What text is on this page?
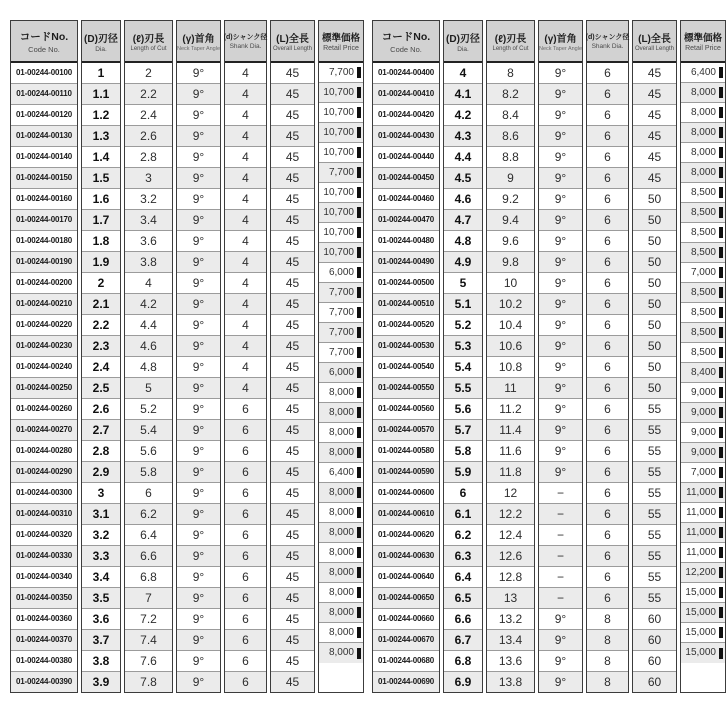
コードNo.
Code No.
01-00244-00100
01-00244-00110
01-00244-00120
01-00244-00130
01-00244-00140
01-00244-00150
01-00244-00160
01-00244-00170
01-00244-00180
01-00244-00190
01-00244-00200
01-00244-00210
01-00244-00220
01-00244-00230
01-00244-00240
01-00244-00250
01-00244-00260
01-00244-00270
01-00244-00280
01-00244-00290
01-00244-00300
01-00244-00310
01-00244-00320
01-00244-00330
01-00244-00340
01-00244-00350
01-00244-00360
01-00244-00370
01-00244-00380
01-00244-00390
(D)刃径
Dia.
1
1.1
1.2
1.3
1.4
1.5
1.6
1.7
1.8
1.9
2
2.1
2.2
2.3
2.4
2.5
2.6
2.7
2.8
2.9
3
3.1
3.2
3.3
3.4
3.5
3.6
3.7
3.8
3.9
(ℓ)刃長
Length of Cut
2
2.2
2.4
2.6
2.8
3
3.2
3.4
3.6
3.8
4
4.2
4.4
4.6
4.8
5
5.2
5.4
5.6
5.8
6
6.2
6.4
6.6
6.8
7
7.2
7.4
7.6
7.8
(γ)首角
Neck Taper Angle
9°
9°
9°
9°
9°
9°
9°
9°
9°
9°
9°
9°
9°
9°
9°
9°
9°
9°
9°
9°
9°
9°
9°
9°
9°
9°
9°
9°
9°
9°
(d)シャンク径
Shank Dia.
4
4
4
4
4
4
4
4
4
4
4
4
4
4
4
4
6
6
6
6
6
6
6
6
6
6
6
6
6
6
(L)全長
Overall Length
45
45
45
45
45
45
45
45
45
45
45
45
45
45
45
45
45
45
45
45
45
45
45
45
45
45
45
45
45
45
標準価格
Retail Price
7,700
10,700
10,700
10,700
10,700
7,700
10,700
10,700
10,700
10,700
6,000
7,700
7,700
7,700
7,700
6,000
8,000
8,000
8,000
8,000
6,400
8,000
8,000
8,000
8,000
8,000
8,000
8,000
8,000
8,000
コードNo.
Code No.
01-00244-00400
01-00244-00410
01-00244-00420
01-00244-00430
01-00244-00440
01-00244-00450
01-00244-00460
01-00244-00470
01-00244-00480
01-00244-00490
01-00244-00500
01-00244-00510
01-00244-00520
01-00244-00530
01-00244-00540
01-00244-00550
01-00244-00560
01-00244-00570
01-00244-00580
01-00244-00590
01-00244-00600
01-00244-00610
01-00244-00620
01-00244-00630
01-00244-00640
01-00244-00650
01-00244-00660
01-00244-00670
01-00244-00680
01-00244-00690
(D)刃径
Dia.
4
4.1
4.2
4.3
4.4
4.5
4.6
4.7
4.8
4.9
5
5.1
5.2
5.3
5.4
5.5
5.6
5.7
5.8
5.9
6
6.1
6.2
6.3
6.4
6.5
6.6
6.7
6.8
6.9
(ℓ)刃長
Length of Cut
8
8.2
8.4
8.6
8.8
9
9.2
9.4
9.6
9.8
10
10.2
10.4
10.6
10.8
11
11.2
11.4
11.6
11.8
12
12.2
12.4
12.6
12.8
13
13.2
13.4
13.6
13.8
(γ)首角
Neck Taper Angle
9°
9°
9°
9°
9°
9°
9°
9°
9°
9°
9°
9°
9°
9°
9°
9°
9°
9°
9°
9°
−
−
−
−
−
−
9°
9°
9°
9°
(d)シャンク径
Shank Dia.
6
6
6
6
6
6
6
6
6
6
6
6
6
6
6
6
6
6
6
6
6
6
6
6
6
6
8
8
8
8
(L)全長
Overall Length
45
45
45
45
45
45
50
50
50
50
50
50
50
50
50
50
55
55
55
55
55
55
55
55
55
55
60
60
60
60
標準価格
Retail Price
6,400
8,000
8,000
8,000
8,000
8,000
8,500
8,500
8,500
8,500
7,000
8,500
8,500
8,500
8,500
8,400
9,000
9,000
9,000
9,000
7,000
11,000
11,000
11,000
11,000
12,200
15,000
15,000
15,000
15,000
